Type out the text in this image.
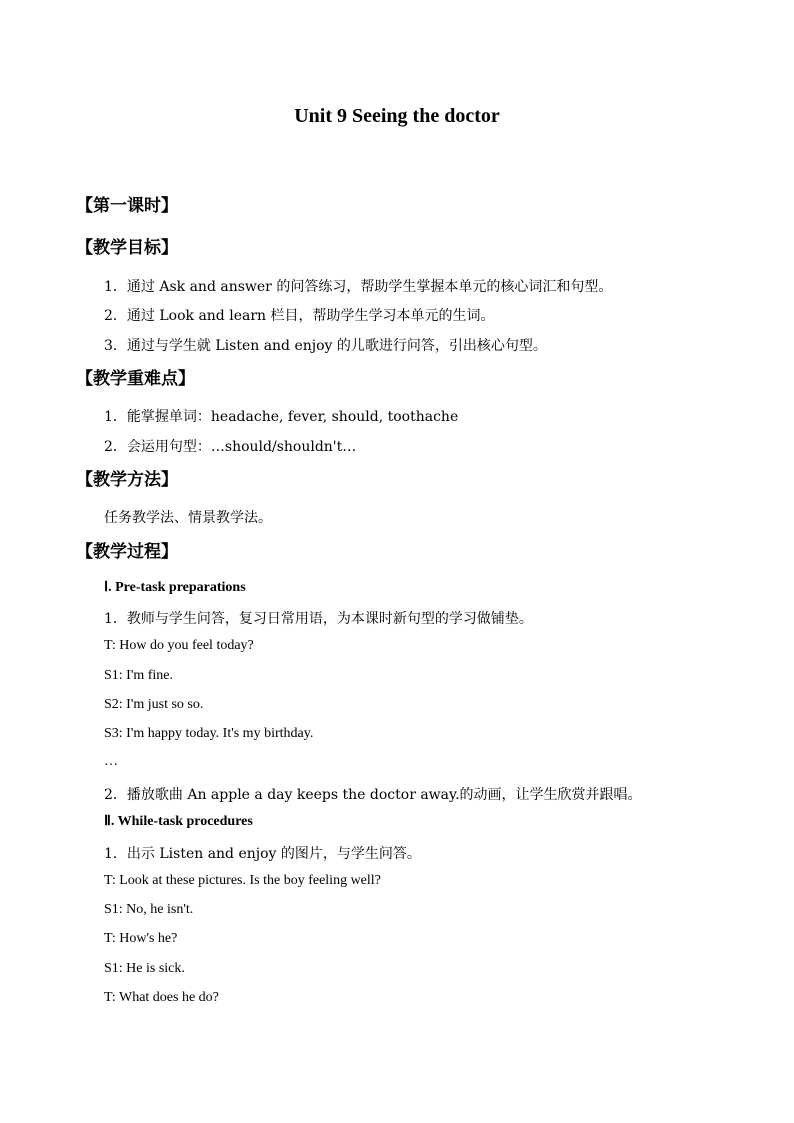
Unit 9 Seeing the doctor
【第一课时】
【教学目标】
1．通过 Ask and answer 的问答练习，帮助学生掌握本单元的核心词汇和句型。
2．通过 Look and learn 栏目，帮助学生学习本单元的生词。
3．通过与学生就 Listen and enjoy 的儿歌进行问答，引出核心句型。
【教学重难点】
1．能掌握单词：headache, fever, should, toothache
2．会运用句型：…should/shouldn't…
【教学方法】
任务教学法、情景教学法。
【教学过程】
Ⅰ. Pre-task preparations
1．教师与学生问答，复习日常用语，为本课时新句型的学习做铺垫。
T: How do you feel today?
S1: I'm fine.
S2: I'm just so so.
S3: I'm happy today. It's my birthday.
…
2．播放歌曲 An apple a day keeps the doctor away.的动画，让学生欣赏并跟唱。
Ⅱ. While-task procedures
1．出示 Listen and enjoy 的图片，与学生问答。
T: Look at these pictures. Is the boy feeling well?
S1: No, he isn't.
T: How's he?
S1: He is sick.
T: What does he do?
